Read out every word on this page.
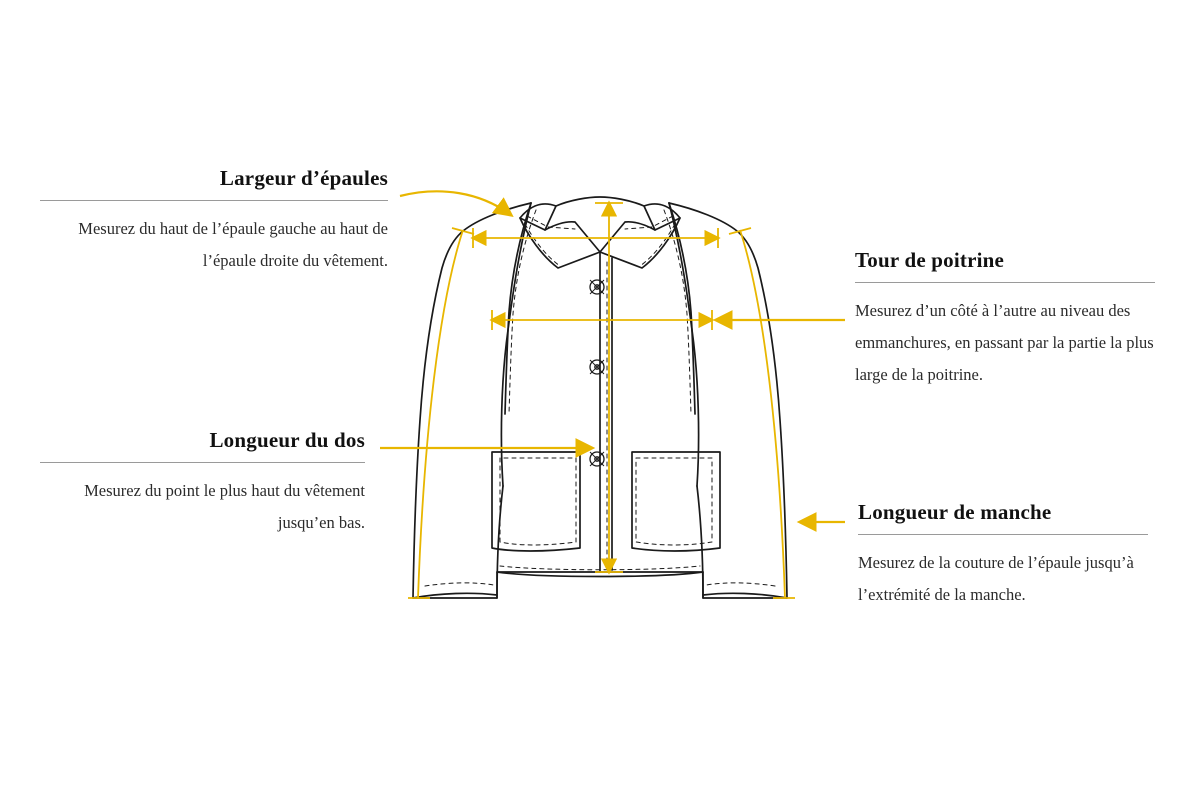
Largeur d’épaules
Mesurez du haut de l’épaule gauche au haut de l’épaule droite du vêtement.
Longueur du dos
Mesurez du point le plus haut du vêtement jusqu’en bas.
Tour de poitrine
Mesurez d’un côté à l’autre au niveau des emmanchures, en passant par la partie la plus large de la poitrine.
Longueur de manche
Mesurez de la couture de l’épaule jusqu’à l’extrémité de la manche.
